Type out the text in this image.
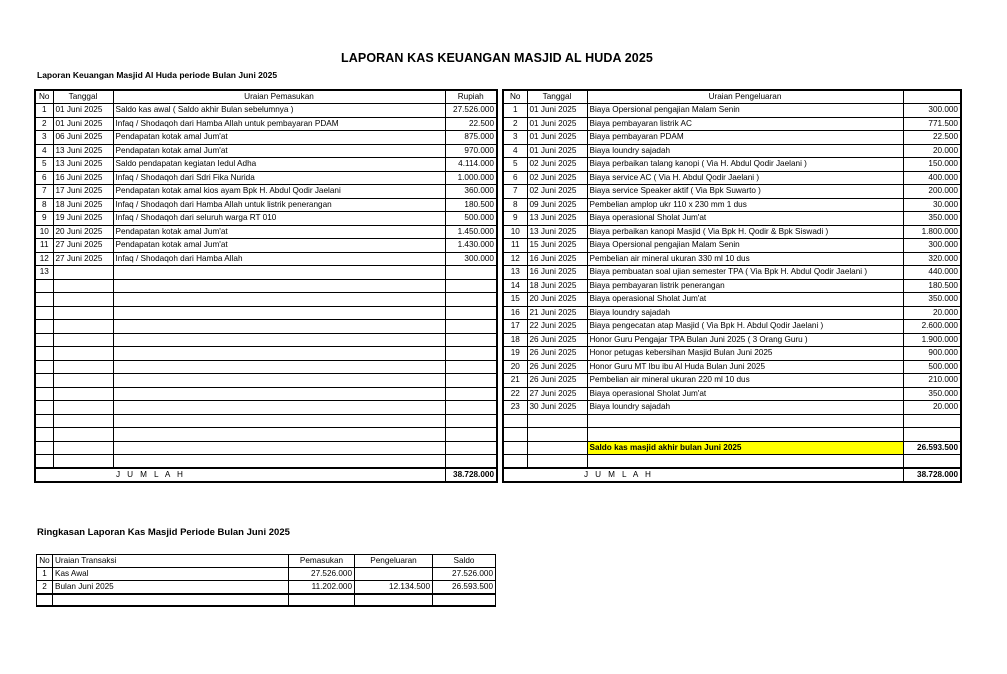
LAPORAN KAS KEUANGAN MASJID AL HUDA 2025
Laporan Keuangan Masjid Al Huda periode Bulan Juni 2025
No	Tanggal	Uraian Pemasukan	Rupiah
1	01 Juni 2025	Saldo kas awal ( Saldo akhir Bulan sebelumnya )	27.526.000
2	01 Juni 2025	Infaq / Shodaqoh dari Hamba Allah untuk pembayaran PDAM	22.500
3	06 Juni 2025	Pendapatan kotak amal Jum'at	875.000
4	13 Juni 2025	Pendapatan kotak amal Jum'at	970.000
5	13 Juni 2025	Saldo pendapatan kegiatan Iedul Adha	4.114.000
6	16 Juni 2025	Infaq / Shodaqoh dari Sdri Fika Nurida	1.000.000
7	17 Juni 2025	Pendapatan kotak amal kios ayam Bpk H. Abdul Qodir Jaelani	360.000
8	18 Juni 2025	Infaq / Shodaqoh dari Hamba Allah untuk listrik penerangan	180.500
9	19 Juni 2025	Infaq / Shodaqoh dari seluruh warga RT 010	500.000
10	20 Juni 2025	Pendapatan kotak amal Jum'at	1.450.000
11	27 Juni 2025	Pendapatan kotak amal Jum'at	1.430.000
12	27 Juni 2025	Infaq / Shodaqoh dari Hamba Allah	300.000
13			

J U M L A H			38.728.000
No	Tanggal	Uraian Pengeluaran	
1	01 Juni 2025	Biaya Opersional pengajian Malam Senin	300.000
2	01 Juni 2025	Biaya pembayaran listrik AC	771.500
3	01 Juni 2025	Biaya pembayaran PDAM	22.500
4	01 Juni 2025	Biaya loundry sajadah	20.000
5	02 Juni 2025	Biaya perbaikan talang kanopi ( Via H. Abdul Qodir Jaelani )	150.000
6	02 Juni 2025	Biaya service AC ( Via H. Abdul Qodir Jaelani )	400.000
7	02 Juni 2025	Biaya service Speaker aktif ( Via Bpk Suwarto )	200.000
8	09 Juni 2025	Pembelian amplop ukr 110 x 230 mm 1 dus	30.000
9	13 Juni 2025	Biaya operasional Sholat Jum'at	350.000
10	13 Juni 2025	Biaya perbaikan kanopi Masjid ( Via Bpk H. Qodir & Bpk Siswadi )	1.800.000
11	15 Juni 2025	Biaya Opersional pengajian Malam Senin	300.000
12	16 Juni 2025	Pembelian air mineral ukuran 330 ml 10 dus	320.000
13	16 Juni 2025	Biaya pembuatan soal ujian semester TPA ( Via Bpk H. Abdul Qodir Jaelani )	440.000
14	18 Juni 2025	Biaya pembayaran listrik penerangan	180.500
15	20 Juni 2025	Biaya operasional Sholat Jum'at	350.000
16	21 Juni 2025	Biaya loundry sajadah	20.000
17	22 Juni 2025	Biaya pengecatan atap Masjid ( Via Bpk H. Abdul Qodir Jaelani )	2.600.000
18	26 Juni 2025	Honor Guru Pengajar TPA Bulan Juni 2025 ( 3 Orang Guru )	1.900.000
19	26 Juni 2025	Honor petugas kebersihan Masjid Bulan Juni 2025	900.000
20	26 Juni 2025	Honor Guru MT Ibu ibu Al Huda Bulan Juni 2025	500.000
21	26 Juni 2025	Pembelian air mineral ukuran 220 ml 10 dus	210.000
22	27 Juni 2025	Biaya operasional Sholat Jum'at	350.000
23	30 Juni 2025	Biaya loundry sajadah	20.000

		Saldo kas masjid akhir bulan Juni 2025	26.593.500

J U M L A H			38.728.000
Ringkasan Laporan Kas Masjid Periode Bulan Juni 2025
No	Uraian Transaksi	Pemasukan	Pengeluaran	Saldo
1	Kas Awal	27.526.000		27.526.000
2	Bulan Juni 2025	11.202.000	12.134.500	26.593.500
